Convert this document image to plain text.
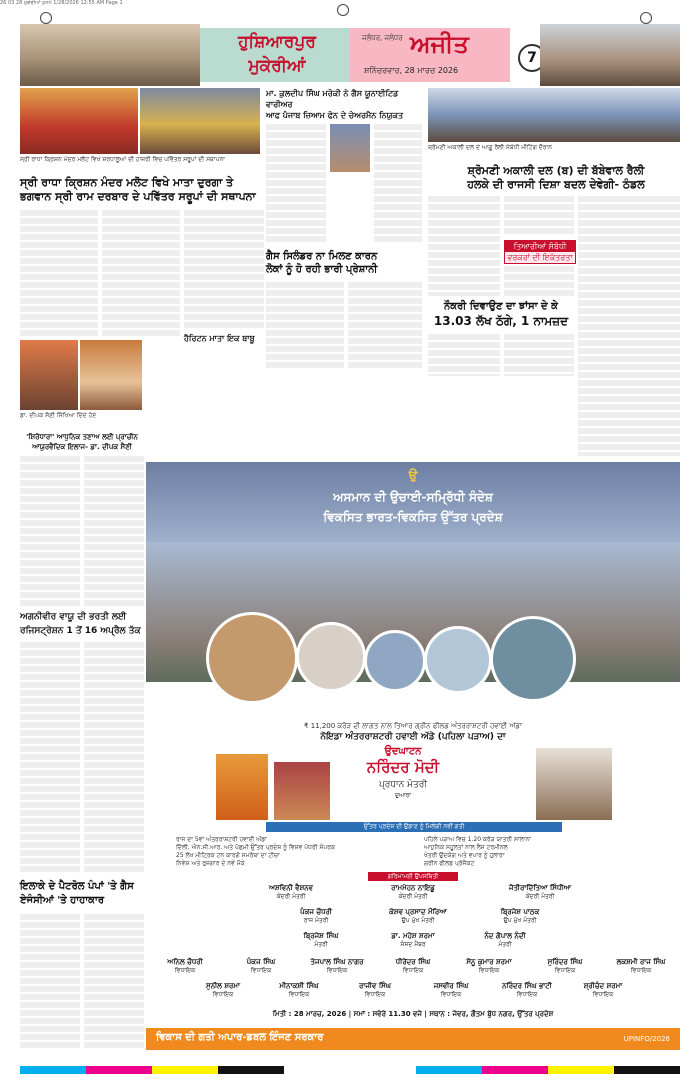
26 03 28 ਮੁਕੇਰੀਆਂ pml 1/28/2026 12:55 AM Page 1
ਹੁਸ਼ਿਆਰਪੁਰ
ਮੁਕੇਰੀਆਂ
ਜਲੰਧਰ, ਜਲੰਧਰ ਅਜੀਤ
ਸ਼ਨਿੱਚਰਵਾਰ, 28 ਮਾਰਚ 2026
7
ਸ੍ਰੀ ਰਾਧਾ ਕ੍ਰਿਸ਼ਨ ਮੰਦਰ ਮਲੋਟ ਵਿਖੇ ਸ਼ਰਧਾਲੂਆਂ ਦੀ ਹਾਜ਼ਰੀ ਵਿਚ ਪਵਿੱਤਰ ਸਰੂਪਾਂ ਦੀ ਸਥਾਪਨਾ
ਸ੍ਰੀ ਰਾਧਾ ਕ੍ਰਿਸ਼ਨ ਮੰਦਰ ਮਲੋਟ ਵਿਖੇ ਮਾਤਾ ਦੁਰਗਾ ਤੇ
ਭਗਵਾਨ ਸ੍ਰੀ ਰਾਮ ਦਰਬਾਰ ਦੇ ਪਵਿੱਤਰ ਸਰੂਪਾਂ ਦੀ ਸਥਾਪਨਾ
ਮਾ. ਕੁਲਦੀਪ ਸਿੰਘ ਮਰੋਕੀ ਨੇ ਗੈਸ ਯੂਨਾਈਟਿਡ ਵਾਰੀਅਰ
ਆਫ ਪੰਜਾਬ ਜ਼ਿਆਮ ਫੋਨ ਦੇ ਚੇਅਰਮੈਨ ਨਿਯੁਕਤ
ਗੈਸ ਸਿਲੰਡਰ ਨਾ ਮਿਲਣ ਕਾਰਨ
ਲੋਕਾਂ ਨੂੰ ਹੋ ਰਹੀ ਭਾਰੀ ਪ੍ਰੇਸ਼ਾਨੀ
ਹੈਰਿਟਨ ਮਾਤਾ ਇਕ ਬਾਬੂ
ਸ਼੍ਰੋਮਣੀ ਅਕਾਲੀ ਦਲ ਦੇ ਆਗੂ ਰੈਲੀ ਸੰਬੰਧੀ ਮੀਟਿੰਗ ਦੌਰਾਨ
ਸ਼੍ਰੋਮਣੀ ਅਕਾਲੀ ਦਲ (ਬ) ਦੀ ਬੱਬੇਵਾਲ ਰੈਲੀ
ਹਲਕੇ ਦੀ ਰਾਜਸੀ ਦਿਸ਼ਾ ਬਦਲ ਦੇਵੇਗੀ- ਠੰਡਲ
ਤਿਆਰੀਆਂ ਸੰਬੰਧੀ
ਵਰਕਰਾਂ ਦੀ ਇਕੱਤਰਤਾ
ਨੌਕਰੀ ਦਿਵਾਉਣ ਦਾ ਝਾਂਸਾ ਦੇ ਕੇ
13.03 ਲੱਖ ਠੱਗੇ, 1 ਨਾਮਜ਼ਦ
ਡਾ. ਦੀਪਕ ਸੈਣੀ ਸਿੱਖਿਆ ਦਿੰਦੇ ਹੋਏ
'ਸ਼ਿਰੋਧਾਰਾ' ਆਧੁਨਿਕ ਤਣਾਅ ਲਈ ਪ੍ਰਾਚੀਨ
ਆਯੁਰਵੈਦਿਕ ਇਲਾਜ- ਡਾ. ਦੀਪਕ ਸੈਣੀ
ਅਗਨੀਵੀਰ ਵਾਯੂ ਦੀ ਭਰਤੀ ਲਈ
ਰਜਿਸਟ੍ਰੇਸ਼ਨ 1 ਤੋਂ 16 ਅਪ੍ਰੈਲ ਤੱਕ
ਇਲਾਕੇ ਦੇ ਪੈਟਰੋਲ ਪੰਪਾਂ 'ਤੇ ਗੈਸ
ਏਜੰਸੀਆਂ 'ਤੇ ਹਾਹਾਕਾਰ
ਉ
ਅਸਮਾਨ ਦੀ ਉਚਾਈ-ਸਮ੍ਰਿੱਧੀ ਸੰਦੇਸ਼
ਵਿਕਸਿਤ ਭਾਰਤ-ਵਿਕਸਿਤ ਉੱਤਰ ਪ੍ਰਦੇਸ਼
₹ 11,200 ਕਰੋੜ ਦੀ ਲਾਗਤ ਨਾਲ ਤਿਆਰ ਗ੍ਰੀਨ ਫੀਲਡ ਅੰਤਰਰਾਸ਼ਟਰੀ ਹਵਾਈ ਅੱਡਾ
ਨੋਇਡਾ ਅੰਤਰਰਾਸ਼ਟਰੀ ਹਵਾਈ ਅੱਡੇ (ਪਹਿਲਾ ਪੜਾਅ) ਦਾ
ਉਦਘਾਟਨ
ਨਰਿੰਦਰ ਮੋਦੀ
ਪ੍ਰਧਾਨ ਮੰਤਰੀ
ਦੁਆਰਾ
ਉੱਤਰ ਪ੍ਰਦੇਸ਼ ਦੀ ਉਡਾਣ ਨੂੰ ਮਿਲੇਗੀ ਨਵੀਂ ਗਤੀ
ਰਾਜ ਦਾ 5ਵਾਂ ਅੰਤਰਰਾਸ਼ਟਰੀ ਹਵਾਈ ਅੱਡਾ
ਦਿੱਲੀ, ਐਨ.ਸੀ.ਆਰ. ਅਤੇ ਪੱਛਮੀ ਉੱਤਰ ਪ੍ਰਦੇਸ਼ ਨੂੰ ਵਿਸ਼ਵ ਪੱਧਰੀ ਸੰਪਰਕ
25 ਲੱਖ ਮੀਟ੍ਰਿਕ ਟਨ ਕਾਰਗੋ ਸਮਰੱਥਾ ਦਾ ਟੀਚਾ
ਨਿਵੇਸ਼ ਅਤੇ ਰੁਜ਼ਗਾਰ ਦੇ ਨਵੇਂ ਮੌਕੇ
ਪਹਿਲੇ ਪੜਾਅ ਵਿਚ 1.20 ਕਰੋੜ ਯਾਤਰੀ ਸਾਲਾਨਾ
ਆਧੁਨਿਕ ਸਹੂਲਤਾਂ ਨਾਲ ਲੈਸ ਟਰਮੀਨਲ
ਖੇਤਰੀ ਉਦਯੋਗ ਅਤੇ ਵਪਾਰ ਨੂੰ ਹੁਲਾਰਾ
ਗਰੀਨ ਫੀਲਡ ਪ੍ਰੋਜੈਕਟ
ਗਰਿਮਾਮਈ ਉਪਸਥਿਤੀ
ਅਸ਼ਵਿਨੀ ਵੈਸ਼ਨਵ
ਕੇਂਦਰੀ ਮੰਤਰੀ
ਰਾਮਮੋਹਨ ਨਾਇਡੂ
ਕੇਂਦਰੀ ਮੰਤਰੀ
ਜੋਤੀਰਾਦਿੱਤਿਆ ਸਿੰਧੀਆ
ਕੇਂਦਰੀ ਮੰਤਰੀ
ਪੰਕਜ ਚੌਧਰੀ
ਰਾਜ ਮੰਤਰੀ
ਕੇਸ਼ਵ ਪ੍ਰਸਾਦ ਮੌਰਿਆ
ਉਪ ਮੁੱਖ ਮੰਤਰੀ
ਬ੍ਰਿਜੇਸ਼ ਪਾਠਕ
ਉਪ ਮੁੱਖ ਮੰਤਰੀ
ਬ੍ਰਿਜੇਸ਼ ਸਿੰਘ
ਮੰਤਰੀ
ਡਾ. ਮਹੇਸ਼ ਸ਼ਰਮਾ
ਸੰਸਦ ਮੈਂਬਰ
ਨੰਦ ਗੋਪਾਲ ਨੰਦੀ
ਮੰਤਰੀ
ਅਨਿਲ ਚੌਧਰੀ
ਵਿਧਾਇਕ
ਪੰਕਜ ਸਿੰਘ
ਵਿਧਾਇਕ
ਤੇਜਪਾਲ ਸਿੰਘ ਨਾਗਰ
ਵਿਧਾਇਕ
ਧੀਰੇਂਦਰ ਸਿੰਘ
ਵਿਧਾਇਕ
ਸੋਨੂ ਕੁਮਾਰ ਸ਼ਰਮਾ
ਵਿਧਾਇਕ
ਸੁਰਿੰਦਰ ਸਿੰਘ
ਵਿਧਾਇਕ
ਲਕਸ਼ਮੀ ਰਾਜ ਸਿੰਘ
ਵਿਧਾਇਕ
ਸੁਨੀਲ ਸ਼ਰਮਾ
ਵਿਧਾਇਕ
ਮੀਨਾਕਸ਼ੀ ਸਿੰਘ
ਵਿਧਾਇਕ
ਰਾਜੀਵ ਸਿੰਘ
ਵਿਧਾਇਕ
ਜਸਵੀਰ ਸਿੰਘ
ਵਿਧਾਇਕ
ਨਰਿੰਦਰ ਸਿੰਘ ਭਾਟੀ
ਵਿਧਾਇਕ
ਸ਼੍ਰੀਚੰਦ ਸ਼ਰਮਾ
ਵਿਧਾਇਕ
ਮਿਤੀ : 28 ਮਾਰਚ, 2026 | ਸਮਾਂ : ਸਵੇਰੇ 11.30 ਵਜੇ | ਸਥਾਨ : ਜੇਵਰ, ਗੌਤਮ ਬੁੱਧ ਨਗਰ, ਉੱਤਰ ਪ੍ਰਦੇਸ਼
ਵਿਕਾਸ ਦੀ ਗਤੀ ਅਪਾਰ-ਡਬਲ ਇੰਜਣ ਸਰਕਾਰ	UPINFO/2026
